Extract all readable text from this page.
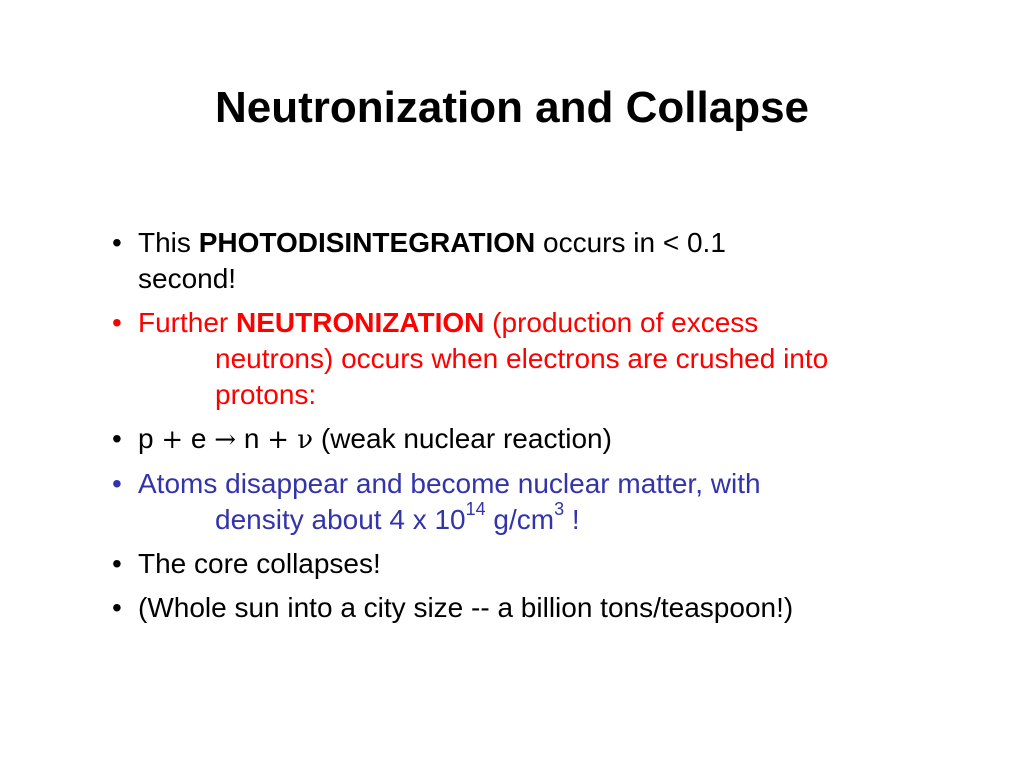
Neutronization and Collapse
• This PHOTODISINTEGRATION occurs in < 0.1
second!
• Further NEUTRONIZATION (production of excess
neutrons) occurs when electrons are crushed into
protons:
• p + e → n + ν (weak nuclear reaction)
• Atoms disappear and become nuclear matter, with
density about 4 x $10^{14}$ $g/cm^3$ !
• The core collapses!
• (Whole sun into a city size -- a billion tons/teaspoon!)
